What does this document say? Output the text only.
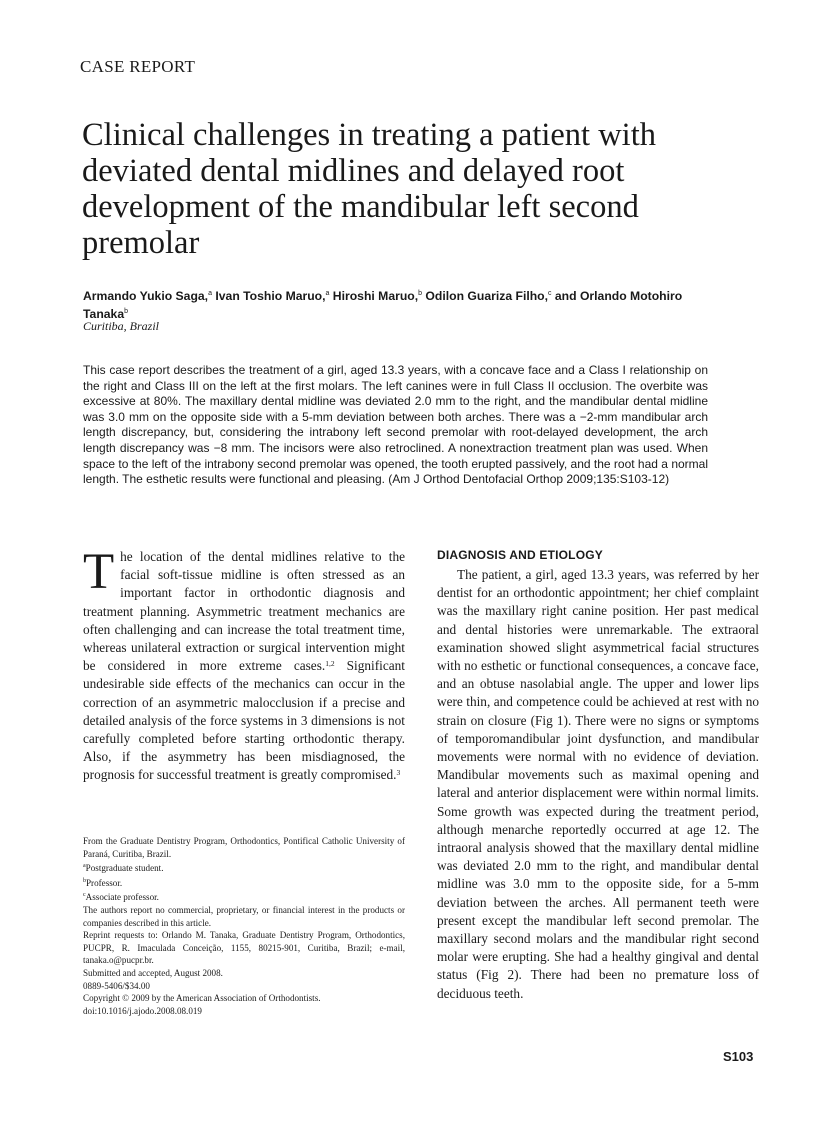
CASE REPORT
Clinical challenges in treating a patient with deviated dental midlines and delayed root development of the mandibular left second premolar
Armando Yukio Saga,$^a$ Ivan Toshio Maruo,$^a$ Hiroshi Maruo,$^b$ Odilon Guariza Filho,$^c$ and Orlando Motohiro Tanaka$^b$
Curitiba, Brazil

This case report describes the treatment of a girl, aged 13.3 years, with a concave face and a Class I relationship on the right and Class III on the left at the first molars. The left canines were in full Class II occlusion. The overbite was excessive at 80%. The maxillary dental midline was deviated 2.0 mm to the right, and the mandibular dental midline was 3.0 mm on the opposite side with a 5-mm deviation between both arches. There was a −2-mm mandibular arch length discrepancy, but, considering the intrabony left second premolar with root-delayed development, the arch length discrepancy was −8 mm. The incisors were also retroclined. A nonextraction treatment plan was used. When space to the left of the intrabony second premolar was opened, the tooth erupted passively, and the root had a normal length. The esthetic results were functional and pleasing. (Am J Orthod Dentofacial Orthop 2009;135:S103-12)

The location of the dental midlines relative to the facial soft-tissue midline is often stressed as an important factor in orthodontic diagnosis and treatment planning. Asymmetric treatment mechanics are often challenging and can increase the total treatment time, whereas unilateral extraction or surgical intervention might be considered in more extreme cases.$^{1,2}$ Significant undesirable side effects of the mechanics can occur in the correction of an asymmetric malocclusion if a precise and detailed analysis of the force systems in 3 dimensions is not carefully completed before starting orthodontic therapy. Also, if the asymmetry has been misdiagnosed, the prognosis for successful treatment is greatly compromised.$^3$

From the Graduate Dentistry Program, Orthodontics, Pontifical Catholic University of Paraná, Curitiba, Brazil.
$^a$Postgraduate student.
$^b$Professor.
$^c$Associate professor.
The authors report no commercial, proprietary, or financial interest in the products or companies described in this article.
Reprint requests to: Orlando M. Tanaka, Graduate Dentistry Program, Orthodontics, PUCPR, R. Imaculada Conceição, 1155, 80215-901, Curitiba, Brazil; e-mail, tanaka.o@pucpr.br.
Submitted and accepted, August 2008.
0889-5406/$34.00
Copyright © 2009 by the American Association of Orthodontists.
doi:10.1016/j.ajodo.2008.08.019
DIAGNOSIS AND ETIOLOGY

The patient, a girl, aged 13.3 years, was referred by her dentist for an orthodontic appointment; her chief complaint was the maxillary right canine position. Her past medical and dental histories were unremarkable. The extraoral examination showed slight asymmetrical facial structures with no esthetic or functional consequences, a concave face, and an obtuse nasolabial angle. The upper and lower lips were thin, and competence could be achieved at rest with no strain on closure (Fig 1). There were no signs or symptoms of temporomandibular joint dysfunction, and mandibular movements were normal with no evidence of deviation. Mandibular movements such as maximal opening and lateral and anterior displacement were within normal limits. Some growth was expected during the treatment period, although menarche reportedly occurred at age 12. The intraoral analysis showed that the maxillary dental midline was deviated 2.0 mm to the right, and mandibular dental midline was 3.0 mm to the opposite side, for a 5-mm deviation between the arches. All permanent teeth were present except the mandibular left second premolar. The maxillary second molars and the mandibular right second molar were erupting. She had a healthy gingival and dental status (Fig 2). There had been no premature loss of deciduous teeth.

S103
